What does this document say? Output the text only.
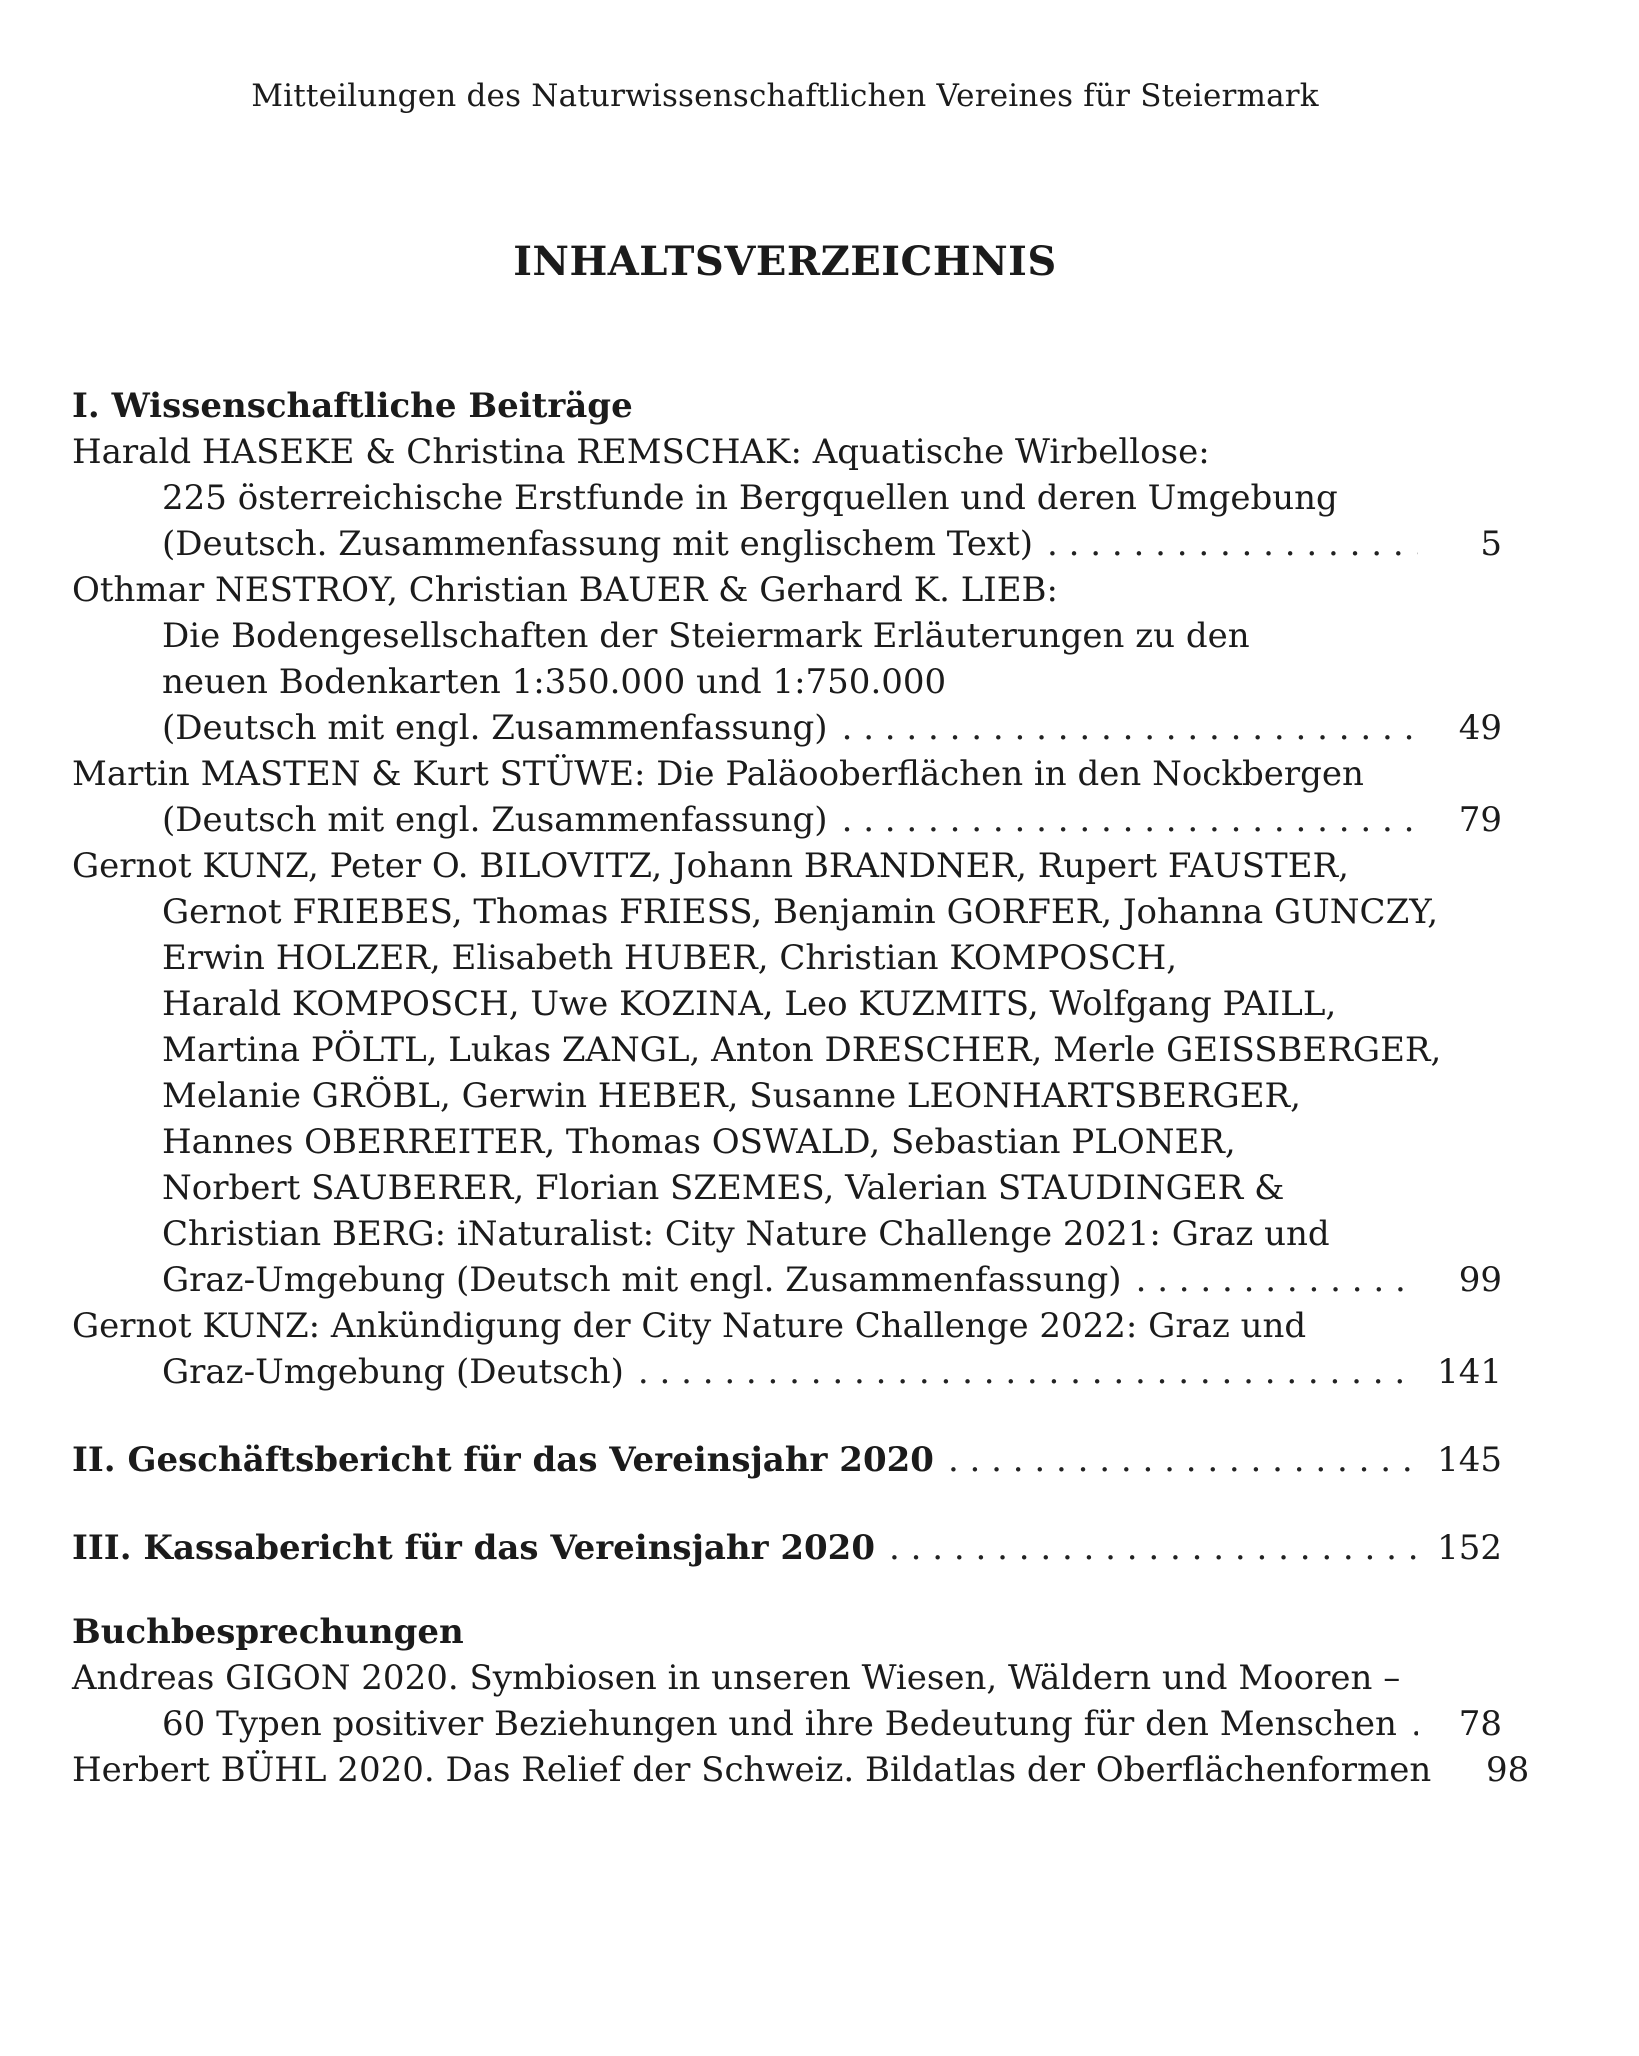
Mitteilungen des Naturwissenschaftlichen Vereines für Steiermark
INHALTSVERZEICHNIS
I. Wissenschaftliche Beiträge
Harald HASEKE & Christina REMSCHAK: Aquatische Wirbellose:
225 österreichische Erstfunde in Bergquellen und deren Umgebung
(Deutsch. Zusammenfassung mit englischem Text) . . .	5
Othmar NESTROY, Christian BAUER & Gerhard K. LIEB:
Die Bodengesellschaften der Steiermark Erläuterungen zu den
neuen Bodenkarten 1:350.000 und 1:750.000
(Deutsch mit engl. Zusammenfassung) . . .	49
Martin MASTEN & Kurt STÜWE: Die Paläooberflächen in den Nockbergen
(Deutsch mit engl. Zusammenfassung) . . .	79
Gernot KUNZ, Peter O. BILOVITZ, Johann BRANDNER, Rupert FAUSTER,
Gernot FRIEBES, Thomas FRIESS, Benjamin GORFER, Johanna GUNCZY,
Erwin HOLZER, Elisabeth HUBER, Christian KOMPOSCH,
Harald KOMPOSCH, Uwe KOZINA, Leo KUZMITS, Wolfgang PAILL,
Martina PÖLTL, Lukas ZANGL, Anton DRESCHER, Merle GEISSBERGER,
Melanie GRÖBL, Gerwin HEBER, Susanne LEONHARTSBERGER,
Hannes OBERREITER, Thomas OSWALD, Sebastian PLONER,
Norbert SAUBERER, Florian SZEMES, Valerian STAUDINGER &
Christian BERG: iNaturalist: City Nature Challenge 2021: Graz und
Graz-Umgebung (Deutsch mit engl. Zusammenfassung) . . .	99
Gernot KUNZ: Ankündigung der City Nature Challenge 2022: Graz und
Graz-Umgebung (Deutsch) . . .	141
II. Geschäftsbericht für das Vereinsjahr 2020 . . .	145
III. Kassabericht für das Vereinsjahr 2020 . . .	152
Buchbesprechungen
Andreas GIGON 2020. Symbiosen in unseren Wiesen, Wäldern und Mooren –
60 Typen positiver Beziehungen und ihre Bedeutung für den Menschen . . .	78
Herbert BÜHL 2020. Das Relief der Schweiz. Bildatlas der Oberflächenformen	98
